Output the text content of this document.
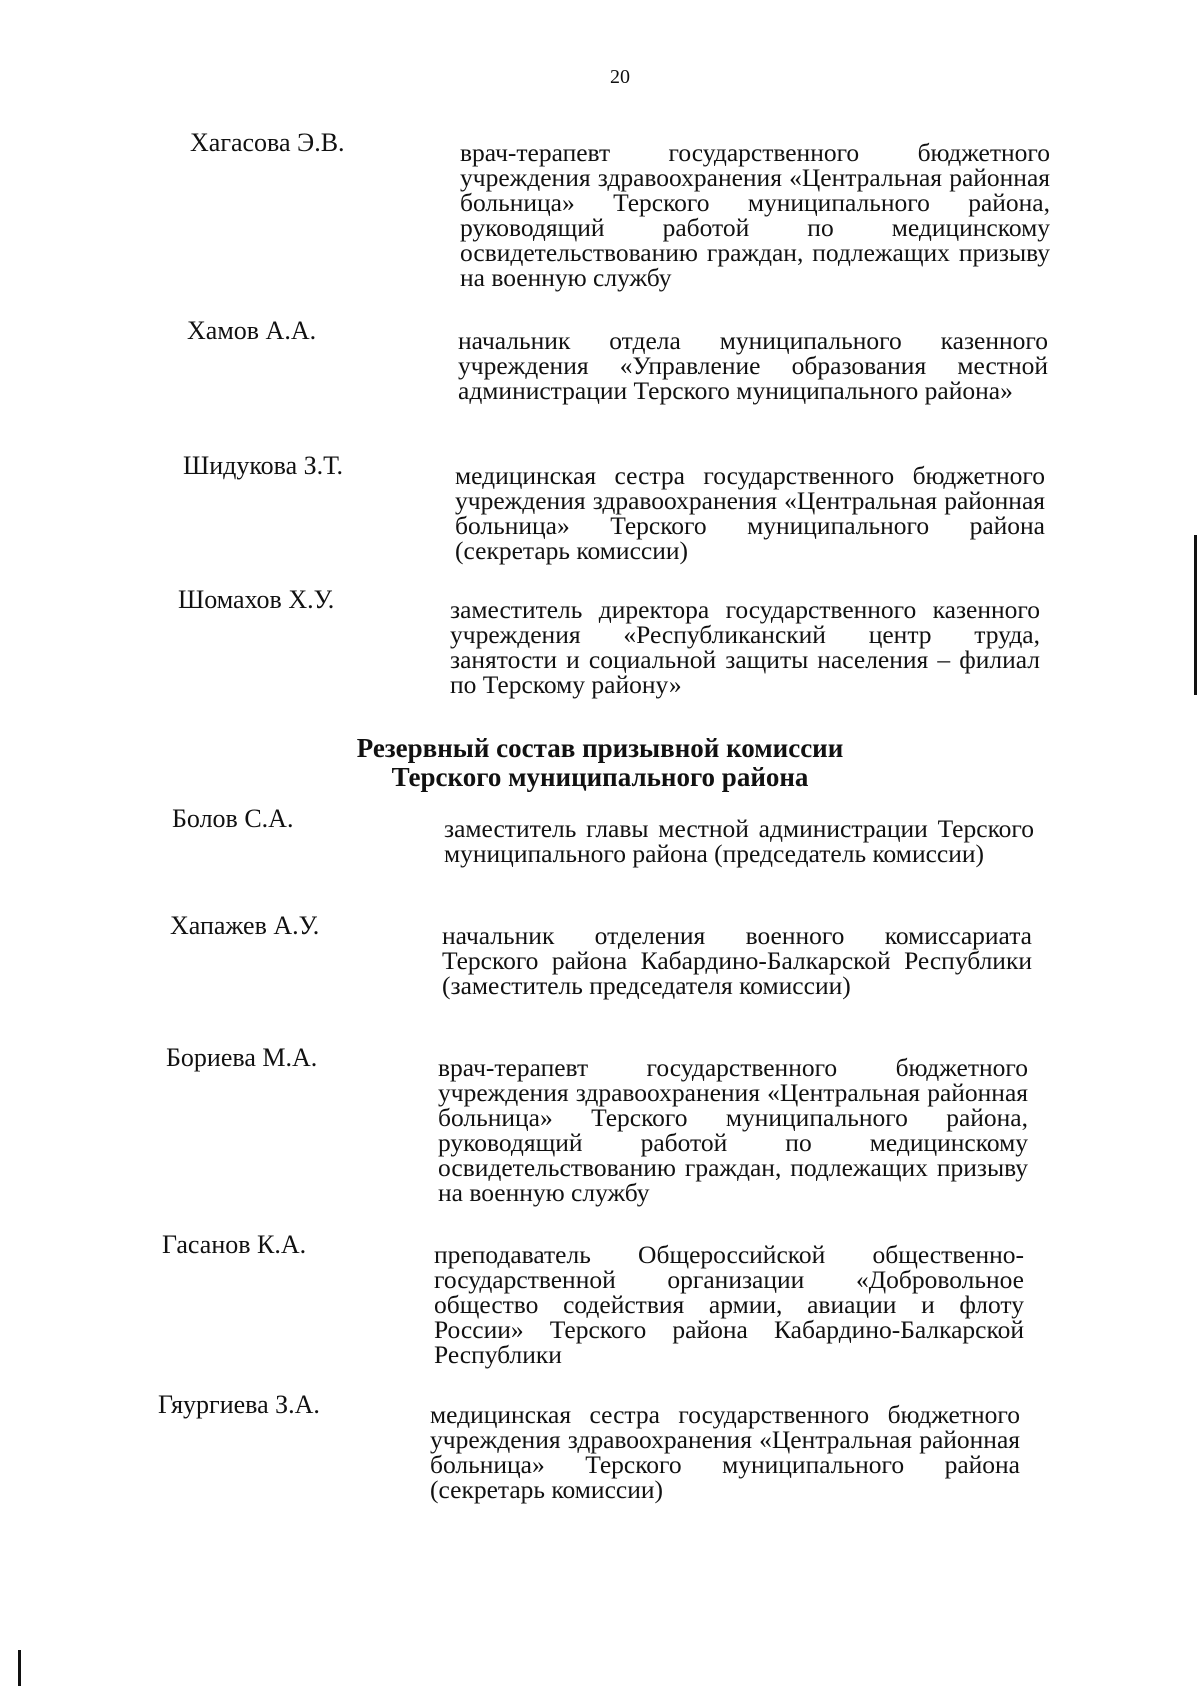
20
Хагасова Э.В.	врач-терапевт государственного бюджетного учреждения здравоохранения «Центральная районная больница» Терского муниципального района, руководящий работой по медицинскому освидетельствованию граждан, подлежащих призыву на военную службу
Хамов А.А.	начальник отдела муниципального казенного учреждения «Управление образования местной администрации Терского муниципального района»
Шидукова З.Т.	медицинская сестра государственного бюджетного учреждения здравоохранения «Центральная районная больница» Терского муниципального района (секретарь комиссии)
Шомахов Х.У.	заместитель директора государственного казенного учреждения «Республиканский центр труда, занятости и социальной защиты населения – филиал по Терскому району»
Резервный состав призывной комиссии
Терского муниципального района
Болов С.А.	заместитель главы местной администрации Терского муниципального района (председатель комиссии)
Хапажев А.У.	начальник отделения военного комиссариата Терского района Кабардино-Балкарской Республики (заместитель председателя комиссии)
Бориева М.А.	врач-терапевт государственного бюджетного учреждения здравоохранения «Центральная районная больница» Терского муниципального района, руководящий работой по медицинскому освидетельствованию граждан, подлежащих призыву на военную службу
Гасанов К.А.	преподаватель Общероссийской общественно-государственной организации «Добровольное общество содействия армии, авиации и флоту России» Терского района Кабардино-Балкарской Республики
Гяургиева З.А.	медицинская сестра государственного бюджетного учреждения здравоохранения «Центральная районная больница» Терского муниципального района (секретарь комиссии)
